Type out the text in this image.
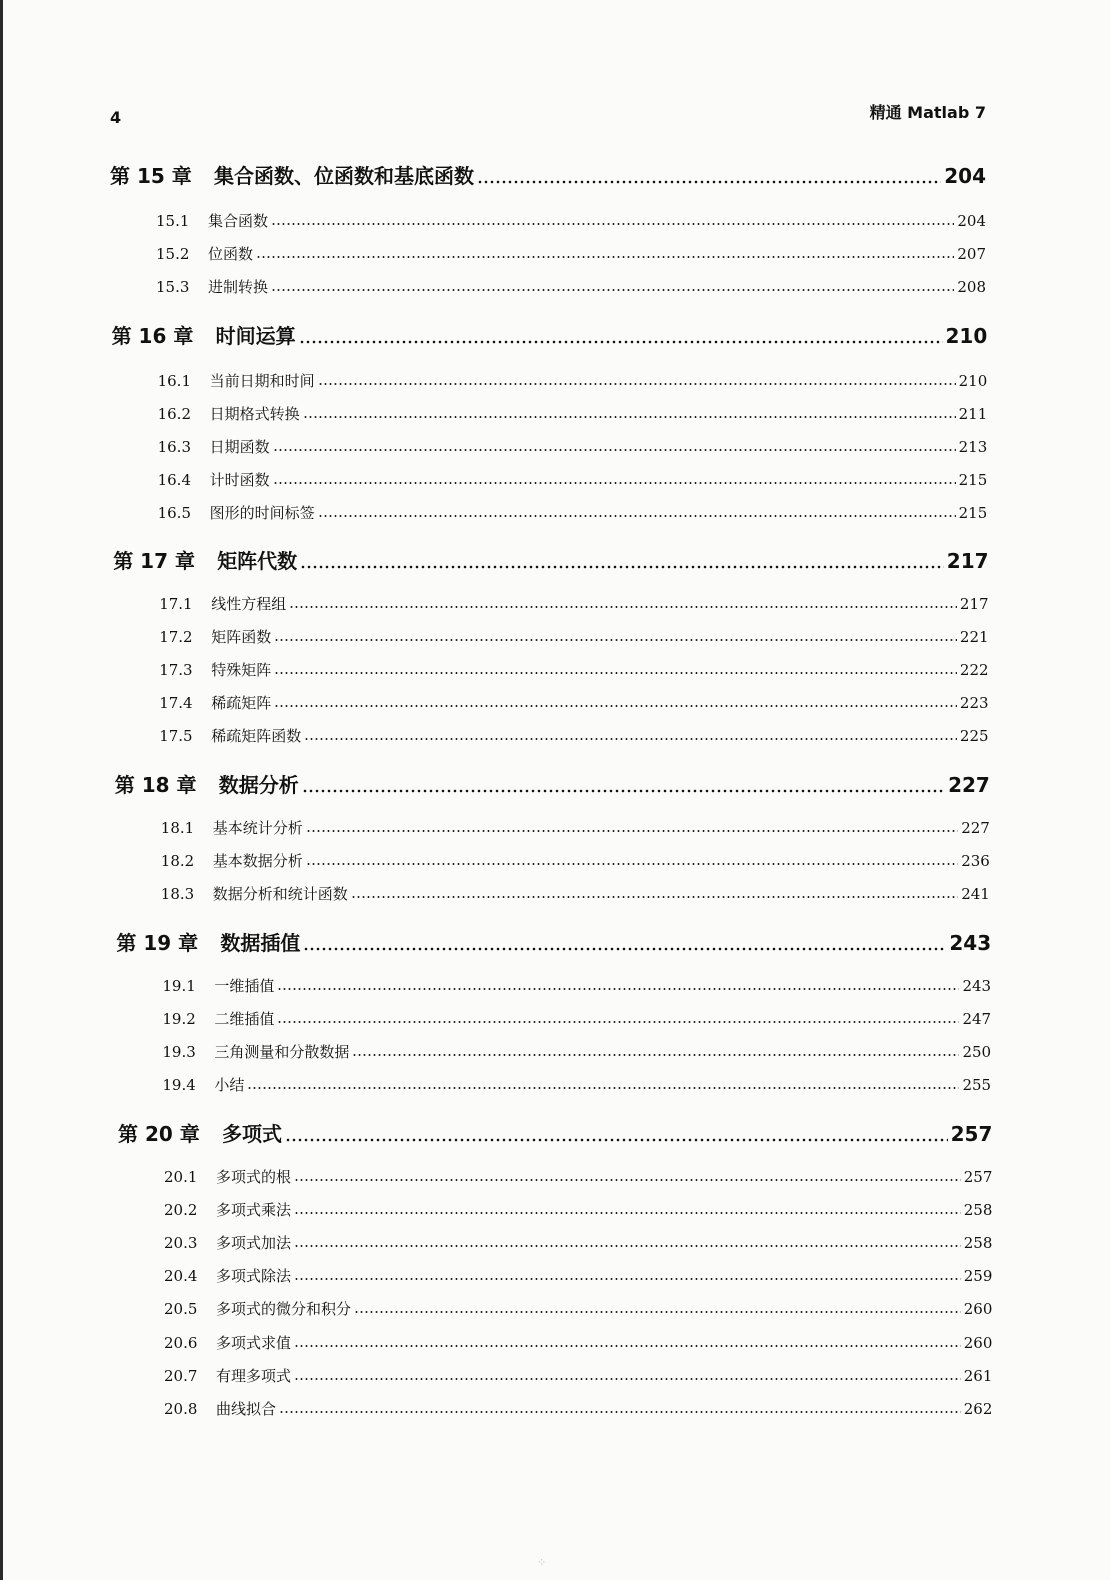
4	精通 Matlab 7
第 15 章	集合函数、位函数和基底函数	204
15.1	集合函数	204
15.2	位函数	207
15.3	进制转换	208
第 16 章	时间运算	210
16.1	当前日期和时间	210
16.2	日期格式转换	211
16.3	日期函数	213
16.4	计时函数	215
16.5	图形的时间标签	215
第 17 章	矩阵代数	217
17.1	线性方程组	217
17.2	矩阵函数	221
17.3	特殊矩阵	222
17.4	稀疏矩阵	223
17.5	稀疏矩阵函数	225
第 18 章	数据分析	227
18.1	基本统计分析	227
18.2	基本数据分析	236
18.3	数据分析和统计函数	241
第 19 章	数据插值	243
19.1	一维插值	243
19.2	二维插值	247
19.3	三角测量和分散数据	250
19.4	小结	255
第 20 章	多项式	257
20.1	多项式的根	257
20.2	多项式乘法	258
20.3	多项式加法	258
20.4	多项式除法	259
20.5	多项式的微分和积分	260
20.6	多项式求值	260
20.7	有理多项式	261
20.8	曲线拟合	262
⁘
